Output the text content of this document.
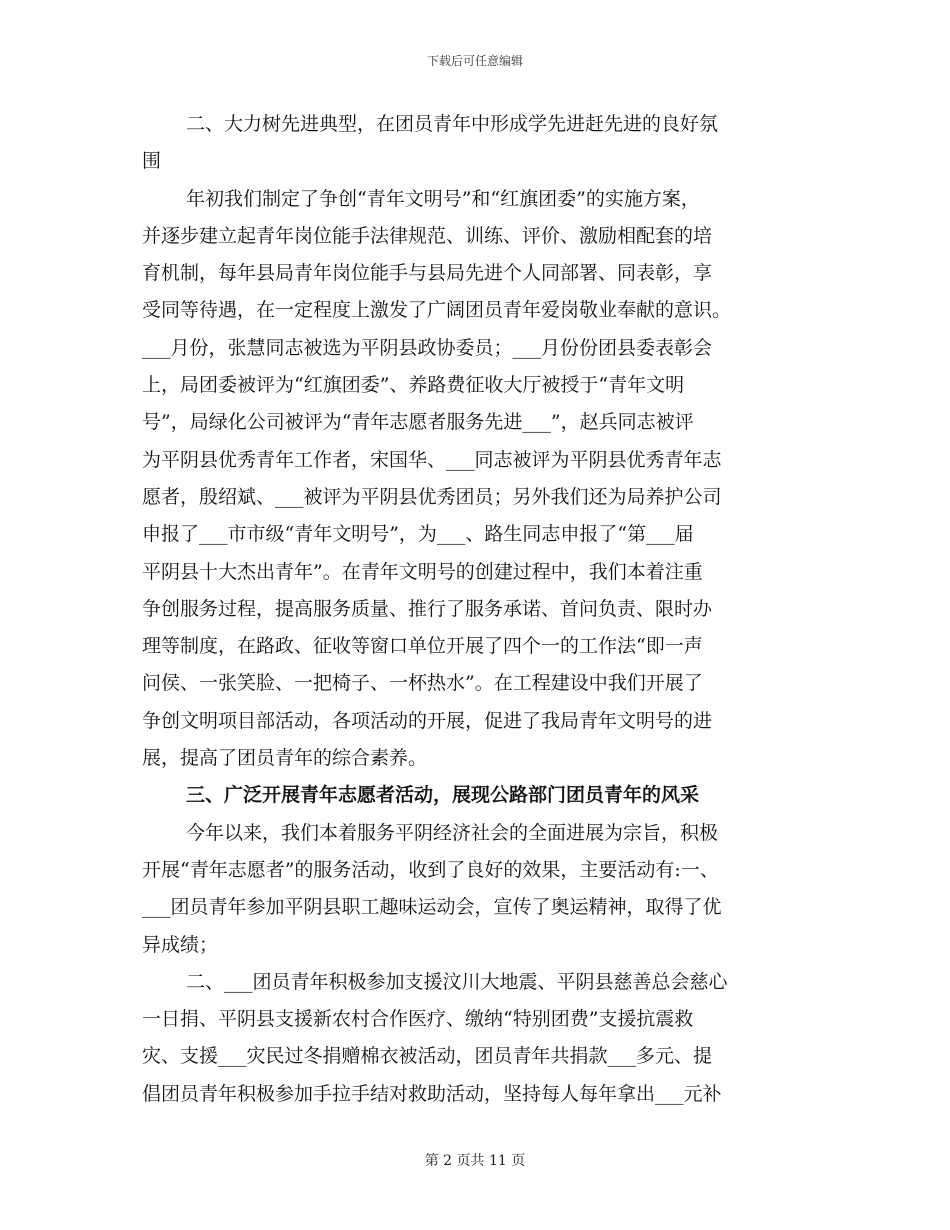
下载后可任意编辑
二、大力树先进典型，在团员青年中形成学先进赶先进的良好氛
围
年初我们制定了争创“青年文明号”和“红旗团委”的实施方案，
并逐步建立起青年岗位能手法律规范、训练、评价、激励相配套的培
育机制，每年县局青年岗位能手与县局先进个人同部署、同表彰，享
受同等待遇，在一定程度上激发了广阔团员青年爱岗敬业奉献的意识。
___月份，张慧同志被选为平阴县政协委员；___月份份团县委表彰会
上，局团委被评为“红旗团委”、养路费征收大厅被授于“青年文明
号”，局绿化公司被评为“青年志愿者服务先进___”，赵兵同志被评
为平阴县优秀青年工作者，宋国华、___同志被评为平阴县优秀青年志
愿者，殷绍斌、___被评为平阴县优秀团员；另外我们还为局养护公司
申报了___市市级“青年文明号”，为___、路生同志申报了“第___届
平阴县十大杰出青年”。在青年文明号的创建过程中，我们本着注重
争创服务过程，提高服务质量、推行了服务承诺、首问负责、限时办
理等制度，在路政、征收等窗口单位开展了四个一的工作法“即一声
问侯、一张笑脸、一把椅子、一杯热水”。在工程建设中我们开展了
争创文明项目部活动，各项活动的开展，促进了我局青年文明号的进
展，提高了团员青年的综合素养。
三、广泛开展青年志愿者活动，展现公路部门团员青年的风采
今年以来，我们本着服务平阴经济社会的全面进展为宗旨，积极
开展“青年志愿者”的服务活动，收到了良好的效果，主要活动有:一、
___团员青年参加平阴县职工趣味运动会，宣传了奥运精神，取得了优
异成绩；
二、___团员青年积极参加支援汶川大地震、平阴县慈善总会慈心
一日捐、平阴县支援新农村合作医疗、缴纳“特别团费”支援抗震救
灾、支援___灾民过冬捐赠棉衣被活动，团员青年共捐款___多元、提
倡团员青年积极参加手拉手结对救助活动，坚持每人每年拿出___元补
第 2 页共 11 页
